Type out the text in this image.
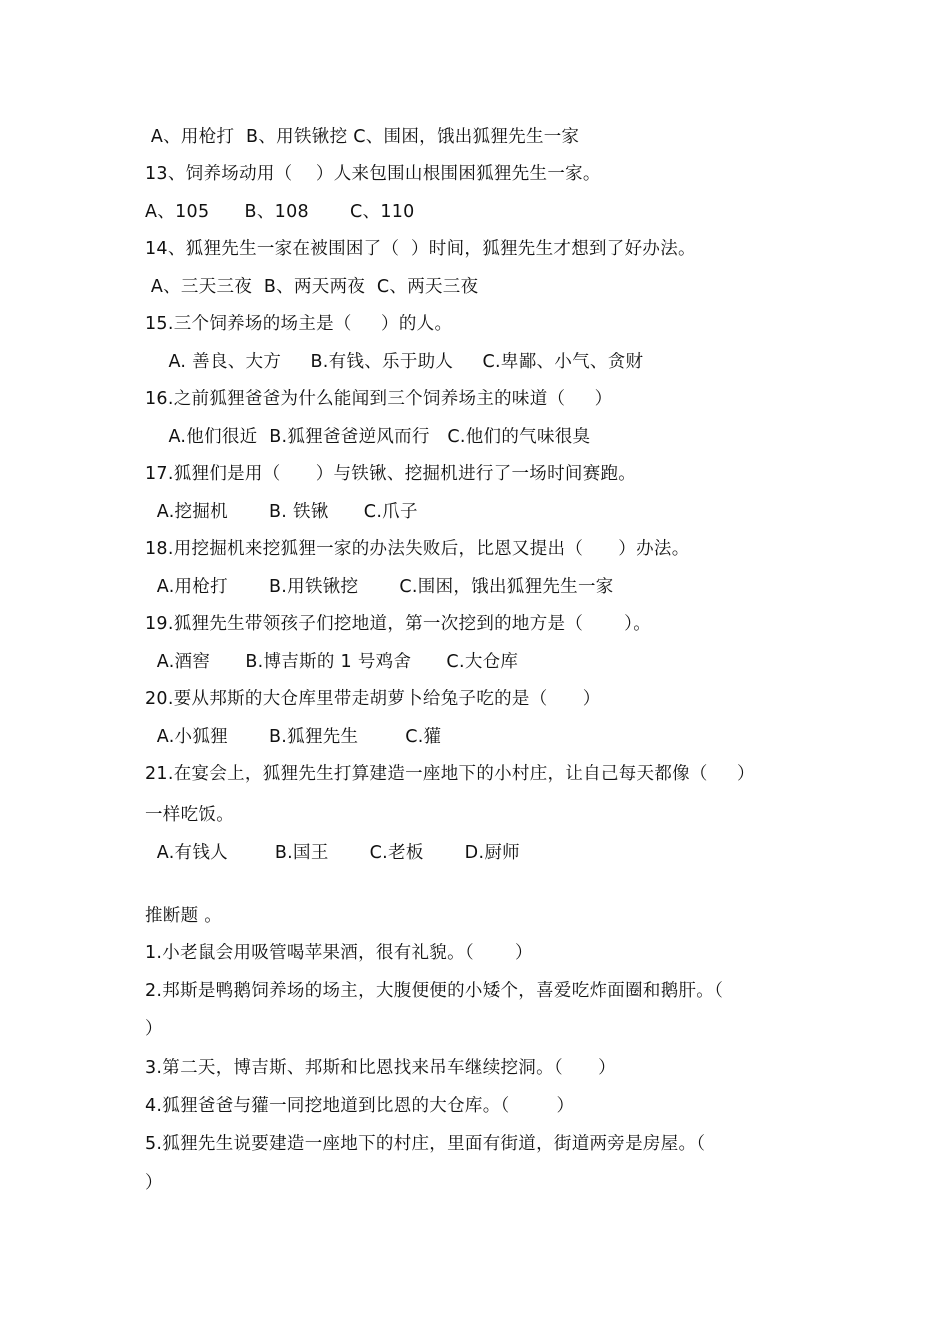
A、用枪打  B、用铁锹挖 C、围困，饿出狐狸先生一家
13、饲养场动用（    ）人来包围山根围困狐狸先生一家。
A、105      B、108       C、110
14、狐狸先生一家在被围困了（  ）时间，狐狸先生才想到了好办法。
A、三天三夜  B、两天两夜  C、两天三夜
15.三个饲养场的场主是（     ）的人。
A. 善良、大方     B.有钱、乐于助人     C.卑鄙、小气、贪财
16.之前狐狸爸爸为什么能闻到三个饲养场主的味道（     ）
A.他们很近  B.狐狸爸爸逆风而行   C.他们的气味很臭
17.狐狸们是用（      ）与铁锹、挖掘机进行了一场时间赛跑。
A.挖掘机       B. 铁锹      C.爪子
18.用挖掘机来挖狐狸一家的办法失败后，比恩又提出（      ）办法。
A.用枪打       B.用铁锹挖       C.围困，饿出狐狸先生一家
19.狐狸先生带领孩子们挖地道，第一次挖到的地方是（       ）。
A.酒窖      B.博吉斯的 1 号鸡舍      C.大仓库
20.要从邦斯的大仓库里带走胡萝卜给兔子吃的是（      ）
A.小狐狸       B.狐狸先生        C.獾
21.在宴会上，狐狸先生打算建造一座地下的小村庄，让自己每天都像（     ）
一样吃饭。
A.有钱人        B.国王       C.老板       D.厨师
推断题 。
1.小老鼠会用吸管喝苹果酒，很有礼貌。（       ）
2.邦斯是鸭鹅饲养场的场主，大腹便便的小矮个，喜爱吃炸面圈和鹅肝。（
）
3.第二天，博吉斯、邦斯和比恩找来吊车继续挖洞。（      ）
4.狐狸爸爸与獾一同挖地道到比恩的大仓库。（        ）
5.狐狸先生说要建造一座地下的村庄，里面有街道，街道两旁是房屋。（
）
